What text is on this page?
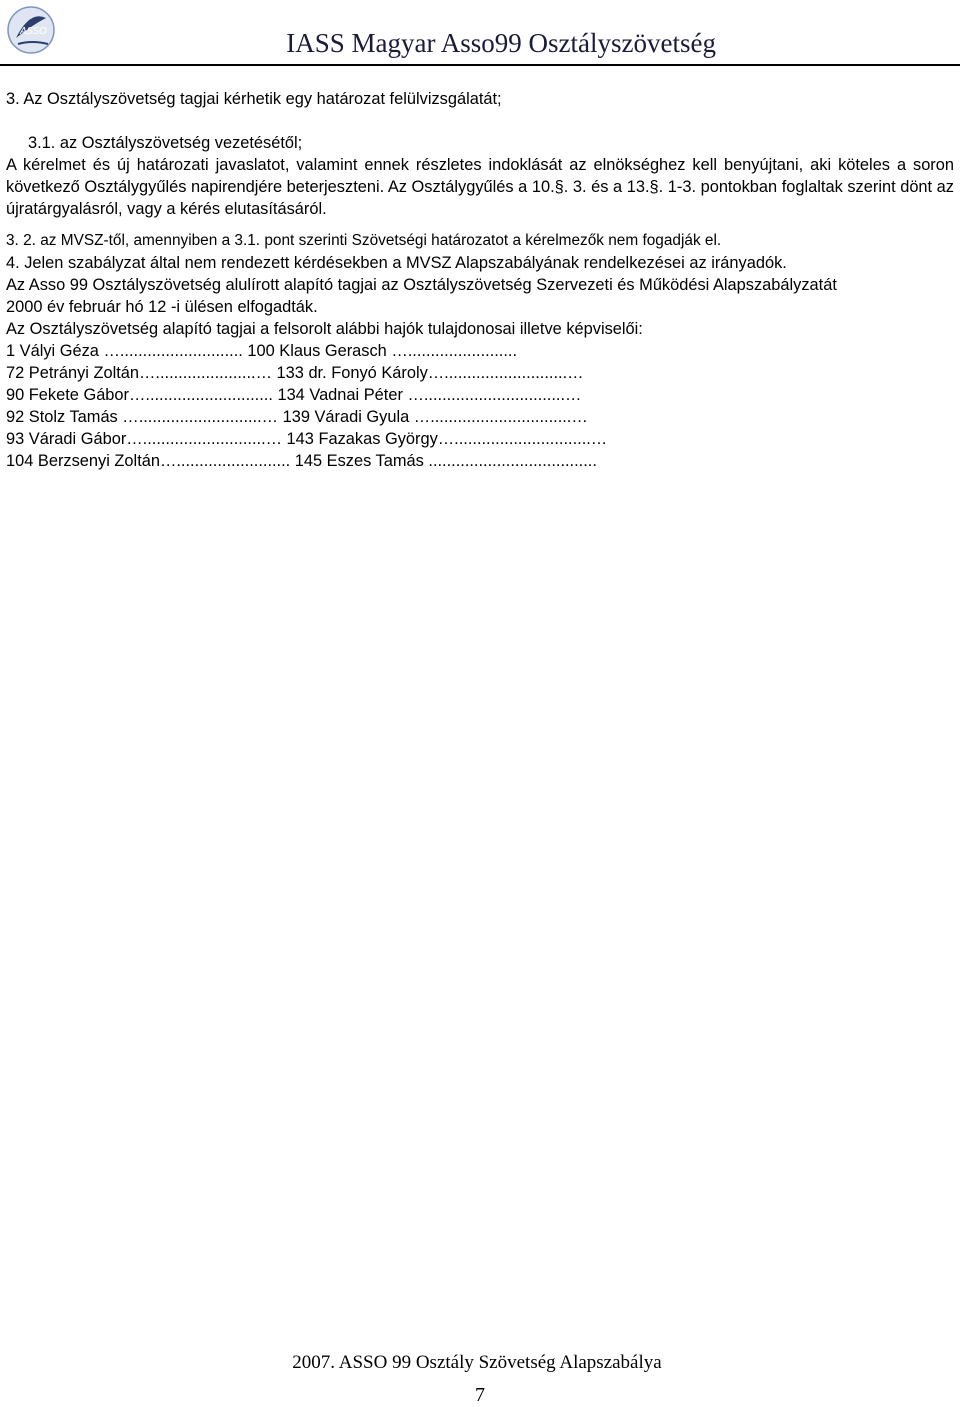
ASSO	IASS Magyar Asso99 Osztályszövetség

3. Az Osztályszövetség tagjai kérhetik egy határozat felülvizsgálatát;

3.1. az Osztályszövetség vezetésétől;

A kérelmet és új határozati javaslatot, valamint ennek részletes indoklását az elnökséghez kell benyújtani, aki köteles a soron következő Osztálygyűlés napirendjére beterjeszteni. Az Osztálygyűlés a 10.§. 3. és a 13.§. 1-3. pontokban foglaltak szerint dönt az újratárgyalásról, vagy a kérés elutasításáról.

3. 2. az MVSZ-től, amennyiben a 3.1. pont szerinti Szövetségi határozatot a kérelmezők nem fogadják el.

4. Jelen szabályzat által nem rendezett kérdésekben a MVSZ Alapszabályának rendelkezései az irányadók.

Az Asso 99 Osztályszövetség alulírott alapító tagjai az Osztályszövetség Szervezeti és Működési Alapszabályzatát

2000 év február hó 12 -i ülésen elfogadták.

Az Osztályszövetség alapító tagjai a felsorolt alábbi hajók tulajdonosai illetve képviselői:

1 Vályi Géza …........................... 100 Klaus Gerasch …........................

72 Petrányi Zoltán…......................… 133 dr. Fonyó Károly…...........................…

90 Fekete Gábor…............................ 134 Vadnai Péter …...............................…

92 Stolz Tamás …...........................… 139 Váradi Gyula …...............................…

93 Váradi Gábor…...........................… 143 Fazakas György…..............................…

104 Berzsenyi Zoltán…......................... 145 Eszes Tamás .....................................

2007. ASSO 99 Osztály Szövetség Alapszabálya
7
